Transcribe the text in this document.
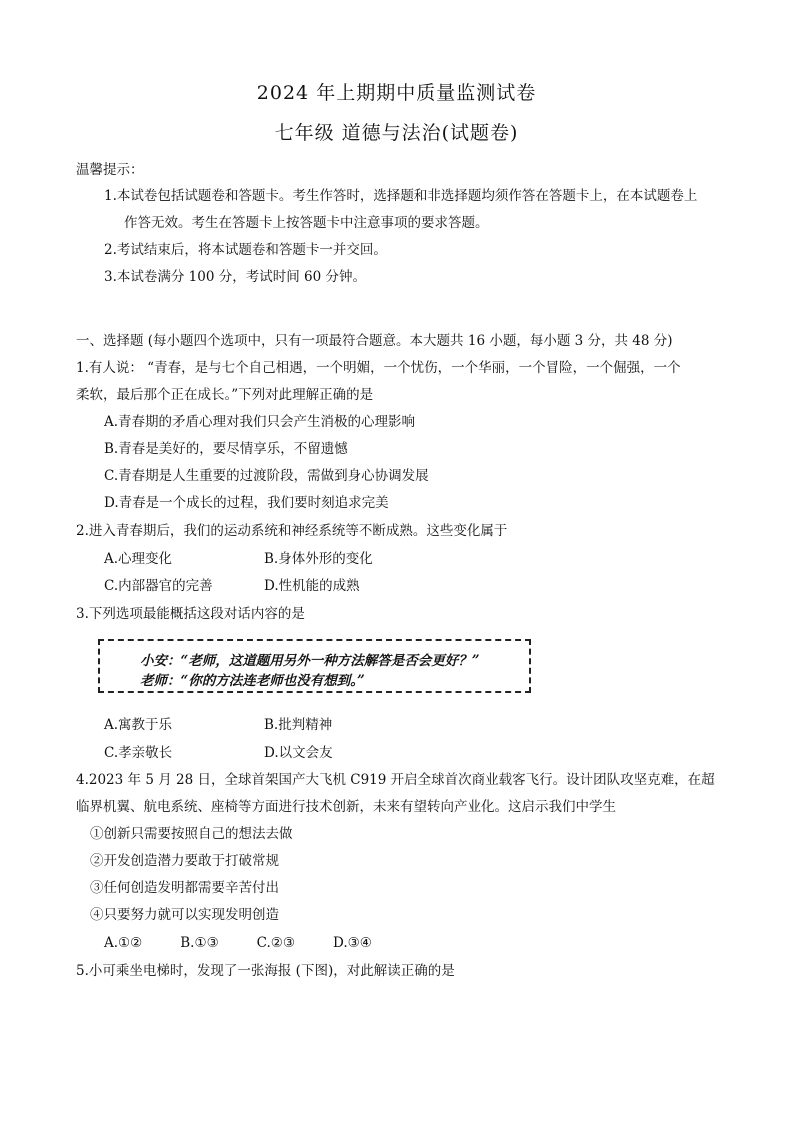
2024 年上期期中质量监测试卷
七年级 道德与法治(试题卷)
温馨提示：
1.本试卷包括试题卷和答题卡。考生作答时，选择题和非选择题均须作答在答题卡上，在本试题卷上
作答无效。考生在答题卡上按答题卡中注意事项的要求答题。
2.考试结束后，将本试题卷和答题卡一并交回。
3.本试卷满分 100 分，考试时间 60 分钟。
一、选择题 (每小题四个选项中，只有一项最符合题意。本大题共 16 小题，每小题 3 分，共 48 分)
1.有人说： “青春，是与七个自己相遇，一个明媚，一个忧伤，一个华丽，一个冒险，一个倔强，一个
柔软，最后那个正在成长。”下列对此理解正确的是
A.青春期的矛盾心理对我们只会产生消极的心理影响
B.青春是美好的，要尽情享乐，不留遗憾
C.青春期是人生重要的过渡阶段，需做到身心协调发展
D.青春是一个成长的过程，我们要时刻追求完美
2.进入青春期后，我们的运动系统和神经系统等不断成熟。这些变化属于
A.心理变化	B.身体外形的变化
C.内部器官的完善	D.性机能的成熟
3.下列选项最能概括这段对话内容的是
小安：“老师，这道题用另外一种方法解答是否会更好？”
老师：“你的方法连老师也没有想到。”
A.寓教于乐	B.批判精神
C.孝亲敬长	D.以文会友
4.2023 年 5 月 28 日，全球首架国产大飞机 C919 开启全球首次商业载客飞行。设计团队攻坚克难，在超
临界机翼、航电系统、座椅等方面进行技术创新，未来有望转向产业化。这启示我们中学生
①创新只需要按照自己的想法去做
②开发创造潜力要敢于打破常规
③任何创造发明都需要辛苦付出
④只要努力就可以实现发明创造
A.①②	B.①③	C.②③	D.③④
5.小可乘坐电梯时，发现了一张海报 (下图)，对此解读正确的是
